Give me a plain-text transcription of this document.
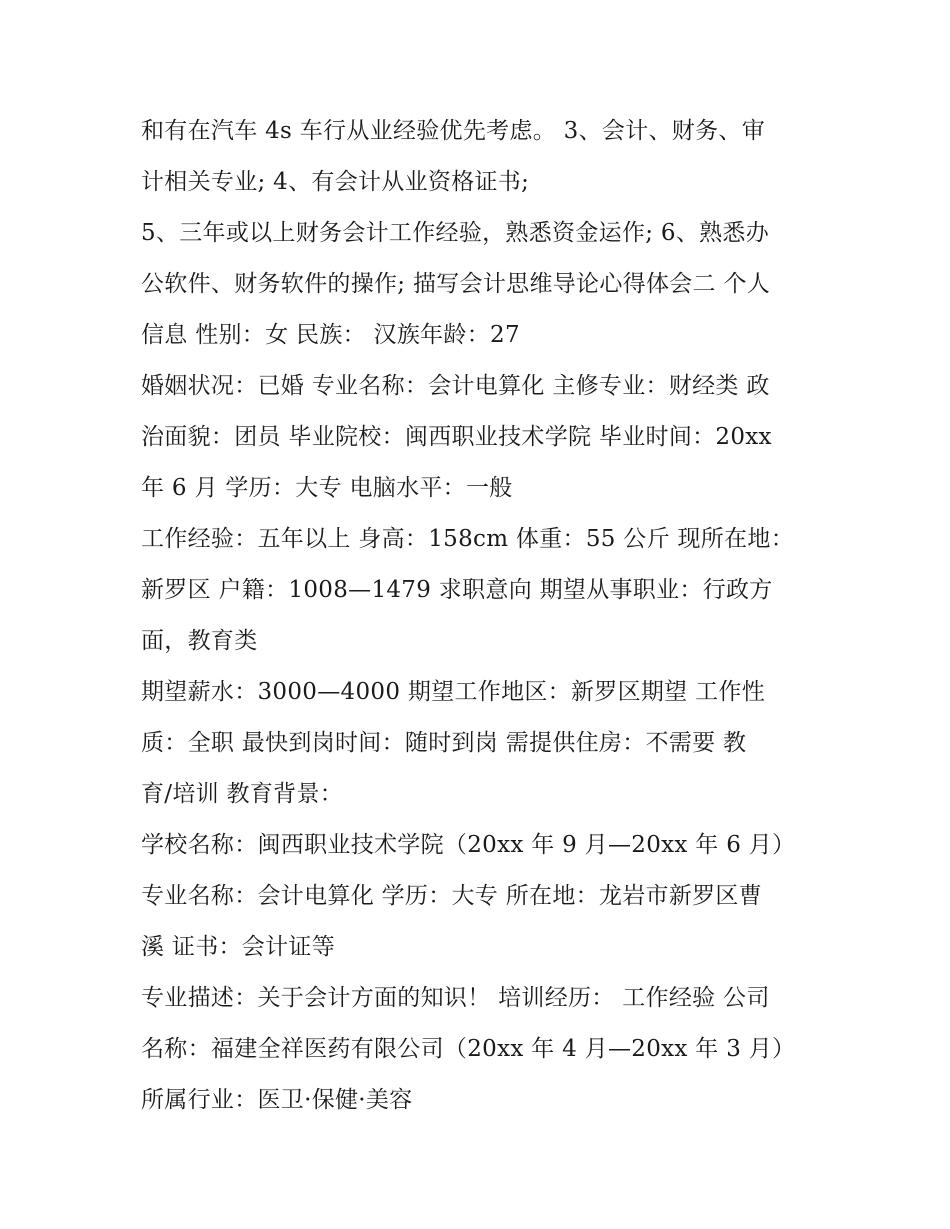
和有在汽车 4s 车行从业经验优先考虑。 3、会计、财务、审
计相关专业; 4、有会计从业资格证书;
5、三年或以上财务会计工作经验，熟悉资金运作; 6、熟悉办
公软件、财务软件的操作; 描写会计思维导论心得体会二 个人
信息 性别：女 民族： 汉族年龄：27
婚姻状况：已婚 专业名称：会计电算化 主修专业：财经类 政
治面貌：团员 毕业院校：闽西职业技术学院 毕业时间：20xx
年 6 月 学历：大专 电脑水平：一般
工作经验：五年以上 身高：158cm 体重：55 公斤 现所在地：
新罗区 户籍：1008—1479 求职意向 期望从事职业：行政方
面，教育类
期望薪水：3000—4000 期望工作地区：新罗区期望 工作性
质：全职 最快到岗时间：随时到岗 需提供住房：不需要 教
育/培训 教育背景：
学校名称：闽西职业技术学院（20xx 年 9 月—20xx 年 6 月）
专业名称：会计电算化 学历：大专 所在地：龙岩市新罗区曹
溪 证书：会计证等
专业描述：关于会计方面的知识！ 培训经历： 工作经验 公司
名称：福建全祥医药有限公司（20xx 年 4 月—20xx 年 3 月）
所属行业：医卫·保健·美容
